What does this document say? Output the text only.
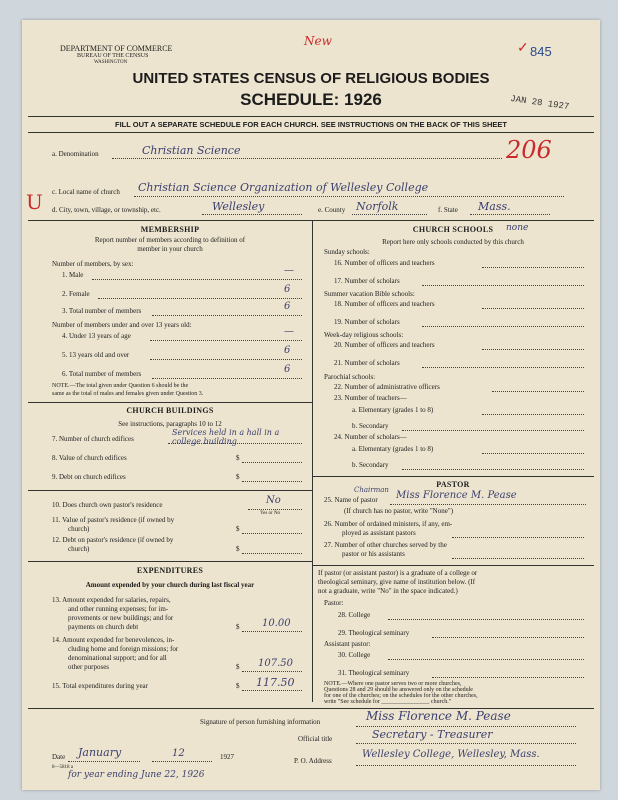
DEPARTMENT OF COMMERCE
BUREAU OF THE CENSUS
WASHINGTON
New	✓ 845
UNITED STATES CENSUS OF RELIGIOUS BODIES
SCHEDULE: 1926	JAN 28 1927
FILL OUT A SEPARATE SCHEDULE FOR EACH CHURCH. SEE INSTRUCTIONS ON THE BACK OF THIS SHEET
a. Denomination	Christian Science	206
c. Local name of church Christian Science Organization of Wellesley College
U d. City, town, village, or township, etc.	Wellesley	e. County Norfolk	f. State Mass.
MEMBERSHIP
Report number of members according to definition of
member in your church
Number of members, by sex:
1. Male	—
2. Female	6
3. Total number of members	6
Number of members under and over 13 years old:
4. Under 13 years of age	—
5. 13 years old and over	6
6. Total number of members	6
NOTE.—The total given under Question 6 should be the
same as the total of males and females given under Question 3.
CHURCH BUILDINGS
See instructions, paragraphs 10 to 12
7. Number of church edifices
Services held in a hall in a college building
8. Value of church edifices	$
9. Debt on church edifices	$
10. Does church own pastor's residence	No
Yes or No
11. Value of pastor's residence (if owned by
church)	$
12. Debt on pastor's residence (if owned by
church)	$
EXPENDITURES
Amount expended by your church during last fiscal year
13. Amount expended for salaries, repairs,
and other running expenses; for im-
provements or new buildings; and for
payments on church debt	$ 10.00
14. Amount expended for benevolences, in-
cluding home and foreign missions; for
denominational support; and for all
other purposes	$ 107.50
15. Total expenditures during year	$ 117.50
CHURCH SCHOOLS	none
Report here only schools conducted by this church
Sunday schools:
16. Number of officers and teachers
17. Number of scholars
Summer vacation Bible schools:
18. Number of officers and teachers
19. Number of scholars
Week-day religious schools:
20. Number of officers and teachers
21. Number of scholars
Parochial schools:
22. Number of administrative officers
23. Number of teachers—
a. Elementary (grades 1 to 8)
b. Secondary
24. Number of scholars—
a. Elementary (grades 1 to 8)
b. Secondary
PASTOR
25. Name of pastor
Chairman Miss Florence M. Pease
(If church has no pastor, write "None")
26. Number of ordained ministers, if any, em-
ployed as assistant pastors
27. Number of other churches served by the
pastor or his assistants
If pastor (or assistant pastor) is a graduate of a college or
theological seminary, give name of institution below. (If
not a graduate, write "No" in the space indicated.)
Pastor:
28. College
29. Theological seminary
Assistant pastor:
30. College
31. Theological seminary
NOTE.—Where one pastor serves two or more churches,
Questions 28 and 29 should be answered only on the schedule
for one of the churches; on the schedules for the other churches,
write "See schedule for ________________ church."
Signature of person furnishing information	Miss Florence M. Pease
Official title	Secretary - Treasurer
Date January	12	1927
8—5818 a
for year ending June 22, 1926
P. O. Address
Wellesley College, Wellesley, Mass.
